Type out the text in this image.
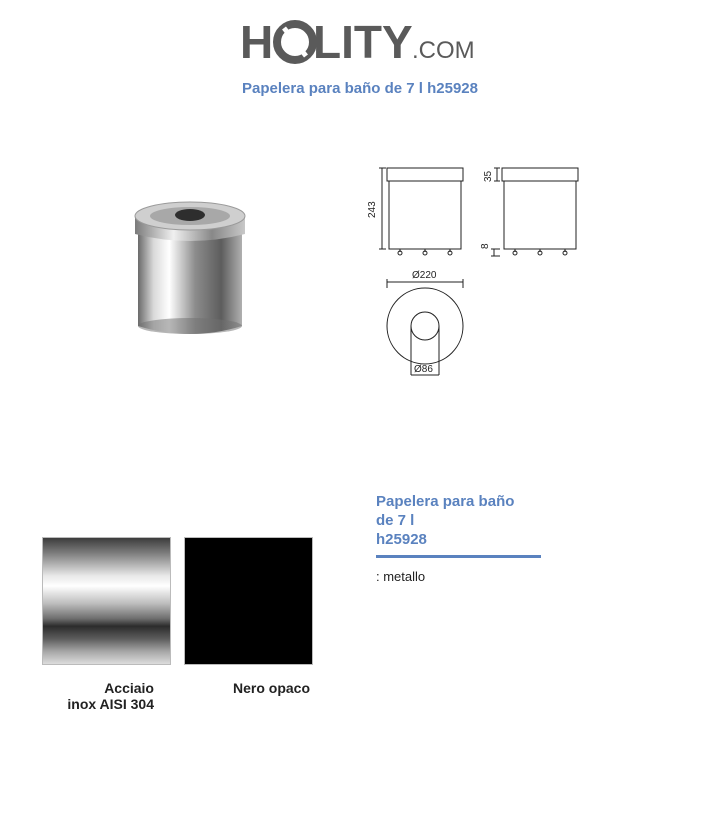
H LITY .COM
Papelera para baño de 7 l h25928
243
35
8
Ø220
Ø86
Papelera para baño
de 7 l
h25928
: metallo
Acciaio
inox AISI 304
Nero opaco
